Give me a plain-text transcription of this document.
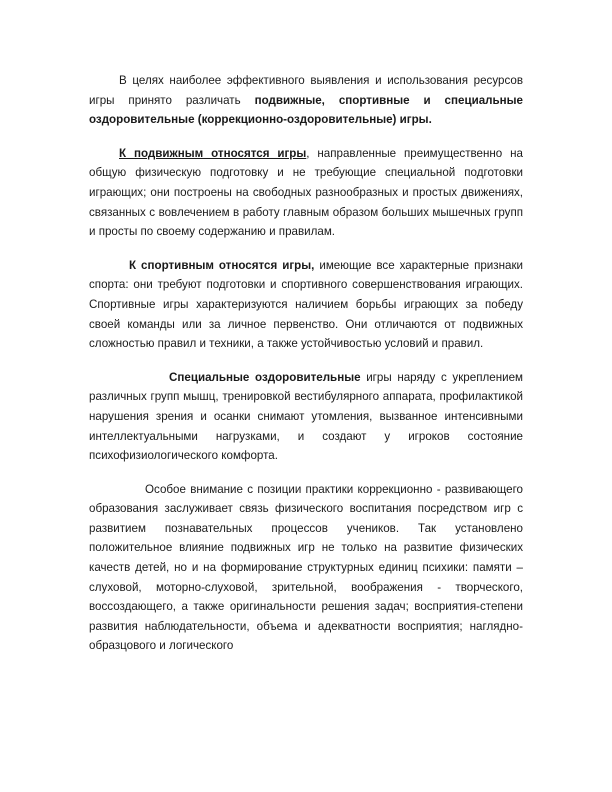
В целях наиболее эффективного выявления и использования ресурсов игры принято различать подвижные, спортивные и специальные оздоровительные (коррекционно-оздоровительные) игры.

К подвижным относятся игры, направленные преимущественно на общую физическую подготовку и не требующие специальной подготовки играющих; они построены на свободных разнообразных и простых движениях, связанных с вовлечением в работу главным образом больших мышечных групп и просты по своему содержанию и правилам.

К спортивным относятся игры, имеющие все характерные признаки спорта: они требуют подготовки и спортивного совершенствования играющих. Спортивные игры характеризуются наличием борьбы играющих за победу своей команды или за личное первенство. Они отличаются от подвижных сложностью правил и техники, а также устойчивостью условий и правил.

Специальные оздоровительные игры наряду с укреплением различных групп мышц, тренировкой вестибулярного аппарата, профилактикой нарушения зрения и осанки снимают утомления, вызванное интенсивными интеллектуальными нагрузками, и создают у игроков состояние психофизиологического комфорта.

Особое внимание с позиции практики коррекционно - развивающего образования заслуживает связь физического воспитания посредством игр с развитием познавательных процессов учеников. Так установлено положительное влияние подвижных игр не только на развитие физических качеств детей, но и на формирование структурных единиц психики: памяти – слуховой, моторно-слуховой, зрительной, воображения - творческого, воссоздающего, а также оригинальности решения задач; восприятия-степени развития наблюдательности, объема и адекватности восприятия; наглядно- образцового и логического
